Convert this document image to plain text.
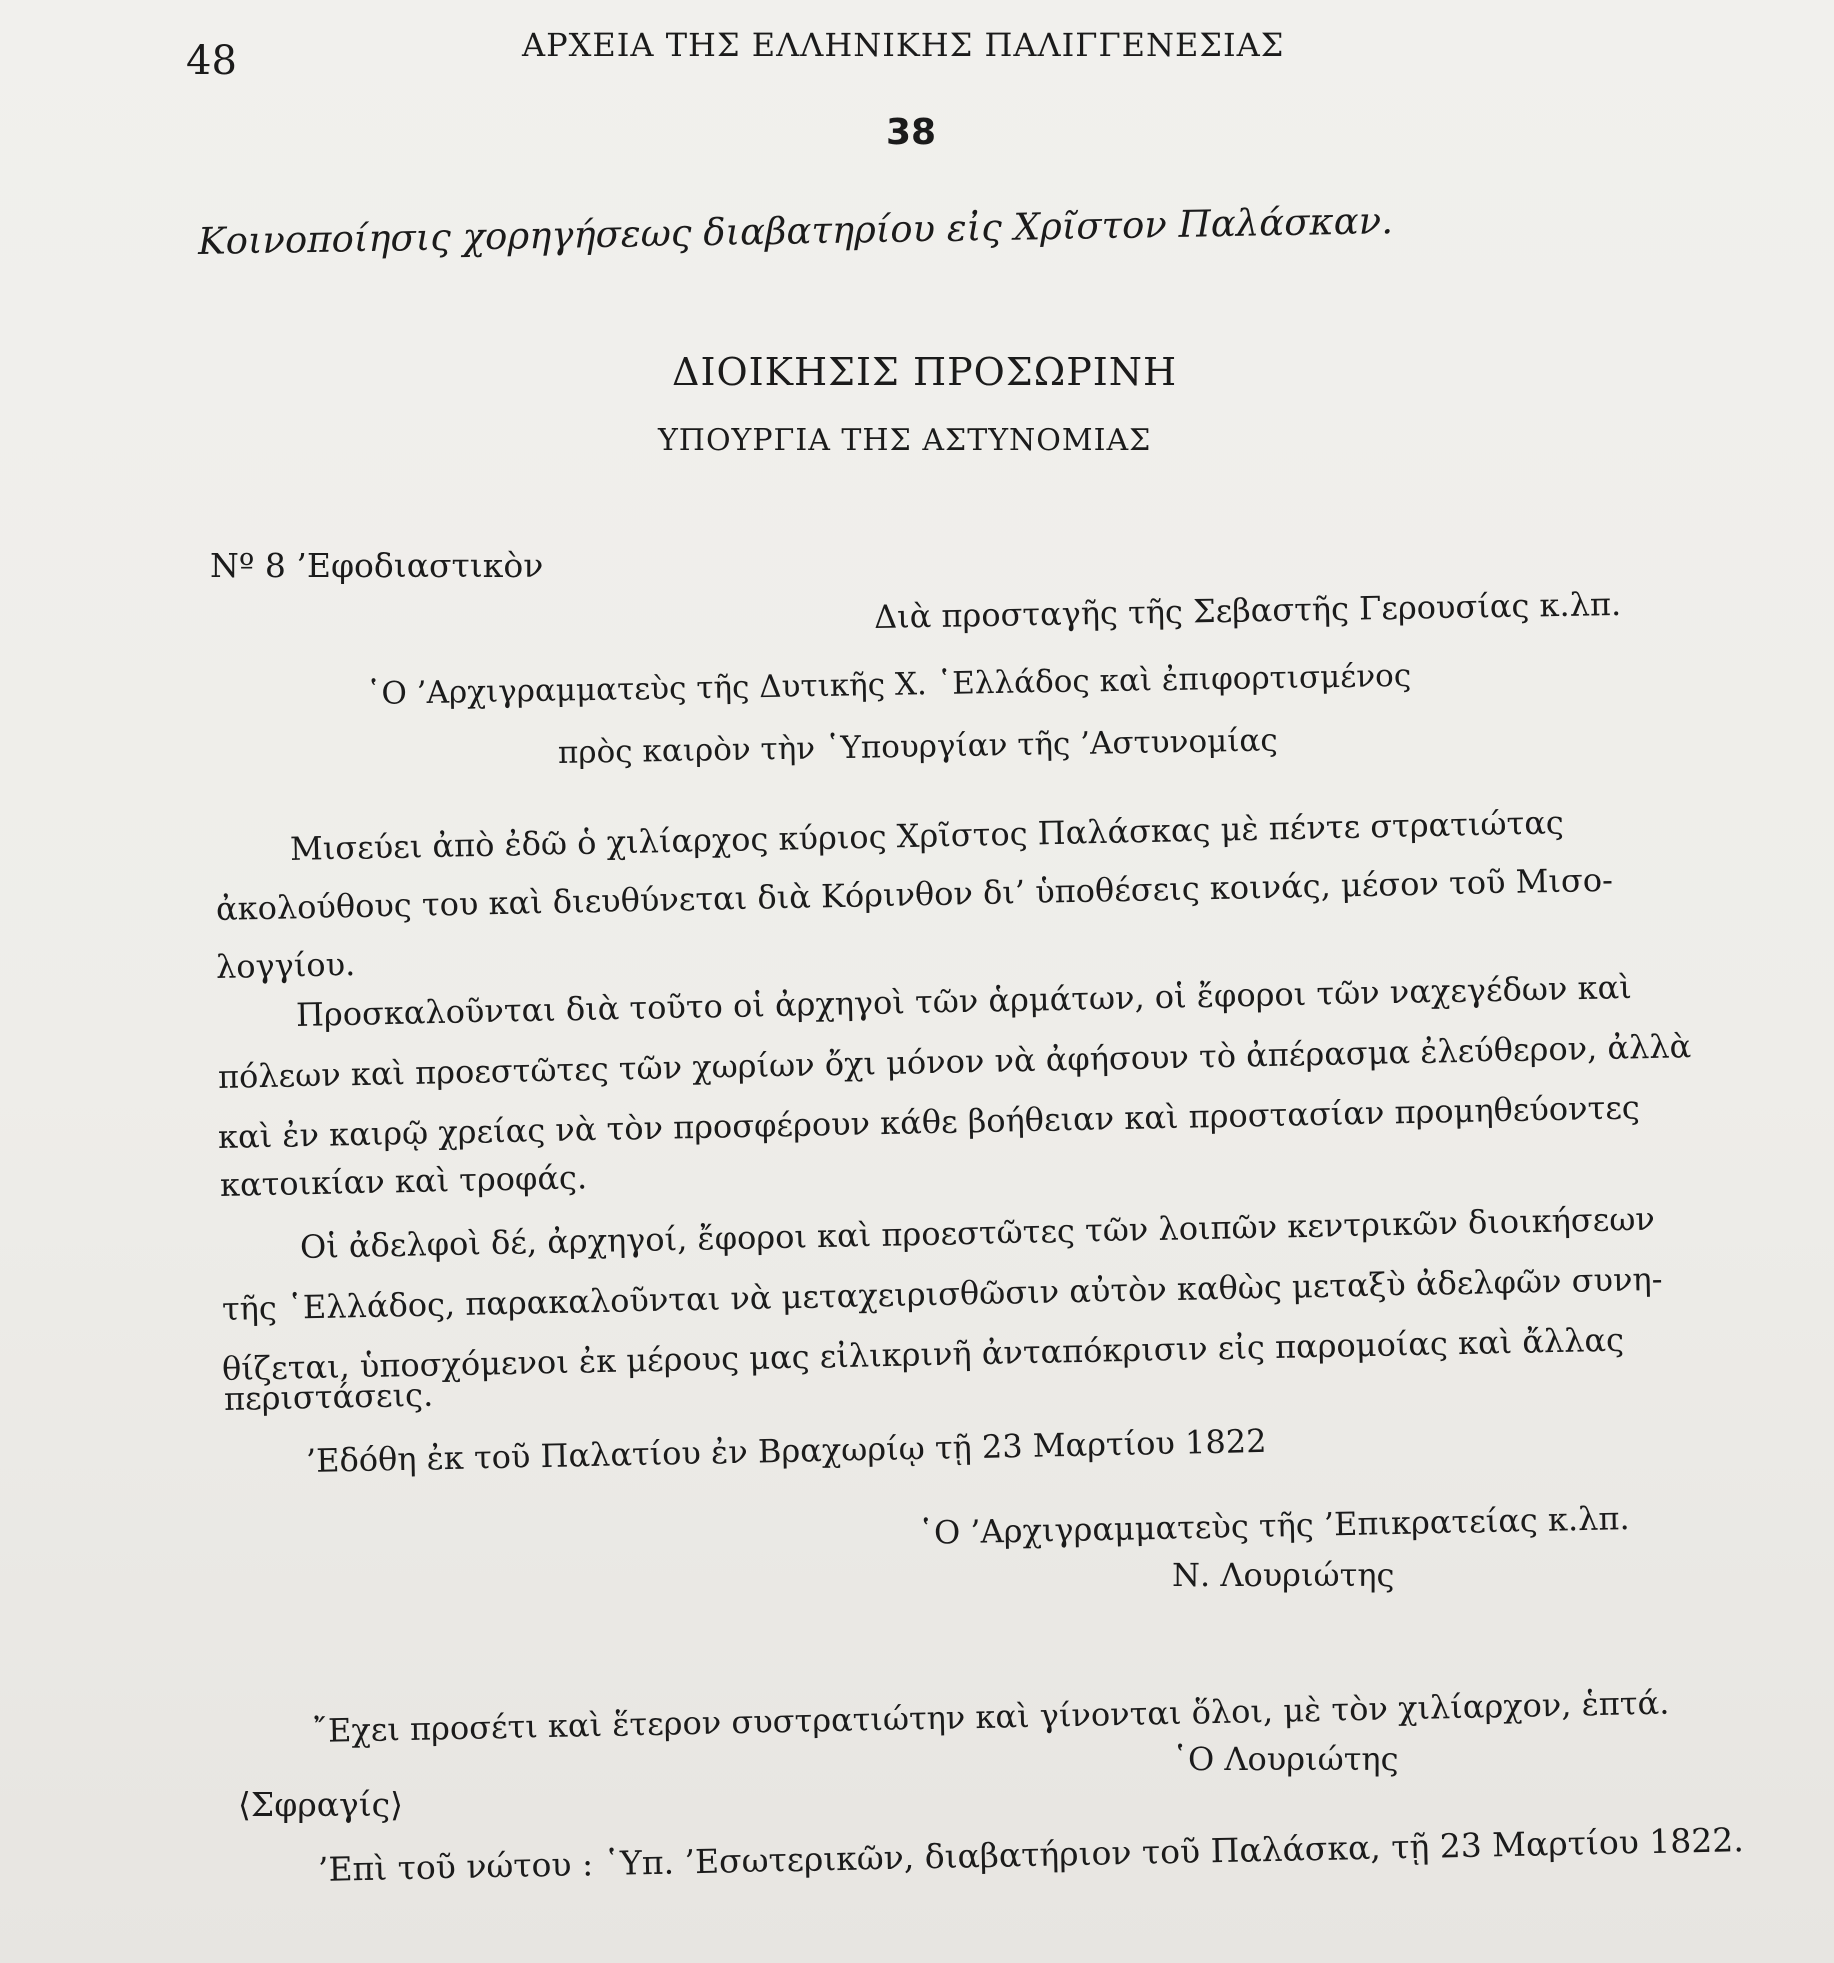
48	ΑΡΧΕΙΑ ΤΗΣ ΕΛΛΗΝΙΚΗΣ ΠΑΛΙΓΓΕΝΕΣΙΑΣ
38
Κοινοποίησις χορηγήσεως διαβατηρίου εἰς Χρῖστον Παλάσκαν.
ΔΙΟΙΚΗΣΙΣ ΠΡΟΣΩΡΙΝΗ
ΥΠΟΥΡΓΙΑ ΤΗΣ ΑΣΤΥΝΟΜΙΑΣ
Nº 8 ’Εφοδιαστικὸν
Διὰ προσταγῆς τῆς Σεβαστῆς Γερουσίας κ.λπ.
῾Ο ’Αρχιγραμματεὺς τῆς Δυτικῆς Χ. ῾Ελλάδος καὶ ἐπιφορτισμένος
πρὸς καιρὸν τὴν ῾Υπουργίαν τῆς ’Αστυνομίας
Μισεύει ἀπὸ ἐδῶ ὁ χιλίαρχος κύριος Χρῖστος Παλάσκας μὲ πέντε στρατιώτας
ἀκολούθους του καὶ διευθύνεται διὰ Κόρινθον δι’ ὑποθέσεις κοινάς, μέσον τοῦ Μισο-
λογγίου.
Προσκαλοῦνται διὰ τοῦτο οἱ ἀρχηγοὶ τῶν ἁρμάτων, οἱ ἔφοροι τῶν ναχεγέδων καὶ
πόλεων καὶ προεστῶτες τῶν χωρίων ὄχι μόνον νὰ ἀφήσουν τὸ ἀπέρασμα ἐλεύθερον, ἀλλὰ
καὶ ἐν καιρῷ χρείας νὰ τὸν προσφέρουν κάθε βοήθειαν καὶ προστασίαν προμηθεύοντες
κατοικίαν καὶ τροφάς.
Οἱ ἀδελφοὶ δέ, ἀρχηγοί, ἔφοροι καὶ προεστῶτες τῶν λοιπῶν κεντρικῶν διοικήσεων
τῆς ῾Ελλάδος, παρακαλοῦνται νὰ μεταχειρισθῶσιν αὐτὸν καθὼς μεταξὺ ἀδελφῶν συνη-
θίζεται, ὑποσχόμενοι ἐκ μέρους μας εἰλικρινῆ ἀνταπόκρισιν εἰς παρομοίας καὶ ἄλλας
περιστάσεις.
’Εδόθη ἐκ τοῦ Παλατίου ἐν Βραχωρίῳ τῇ 23 Μαρτίου 1822
῾Ο ’Αρχιγραμματεὺς τῆς ’Επικρατείας κ.λπ.
Ν. Λουριώτης
῎Εχει προσέτι καὶ ἕτερον συστρατιώτην καὶ γίνονται ὅλοι, μὲ τὸν χιλίαρχον, ἑπτά.
῾Ο Λουριώτης
⟨Σφραγίς⟩
’Επὶ τοῦ νώτου : ῾Υπ. ’Εσωτερικῶν, διαβατήριον τοῦ Παλάσκα, τῇ 23 Μαρτίου 1822.
